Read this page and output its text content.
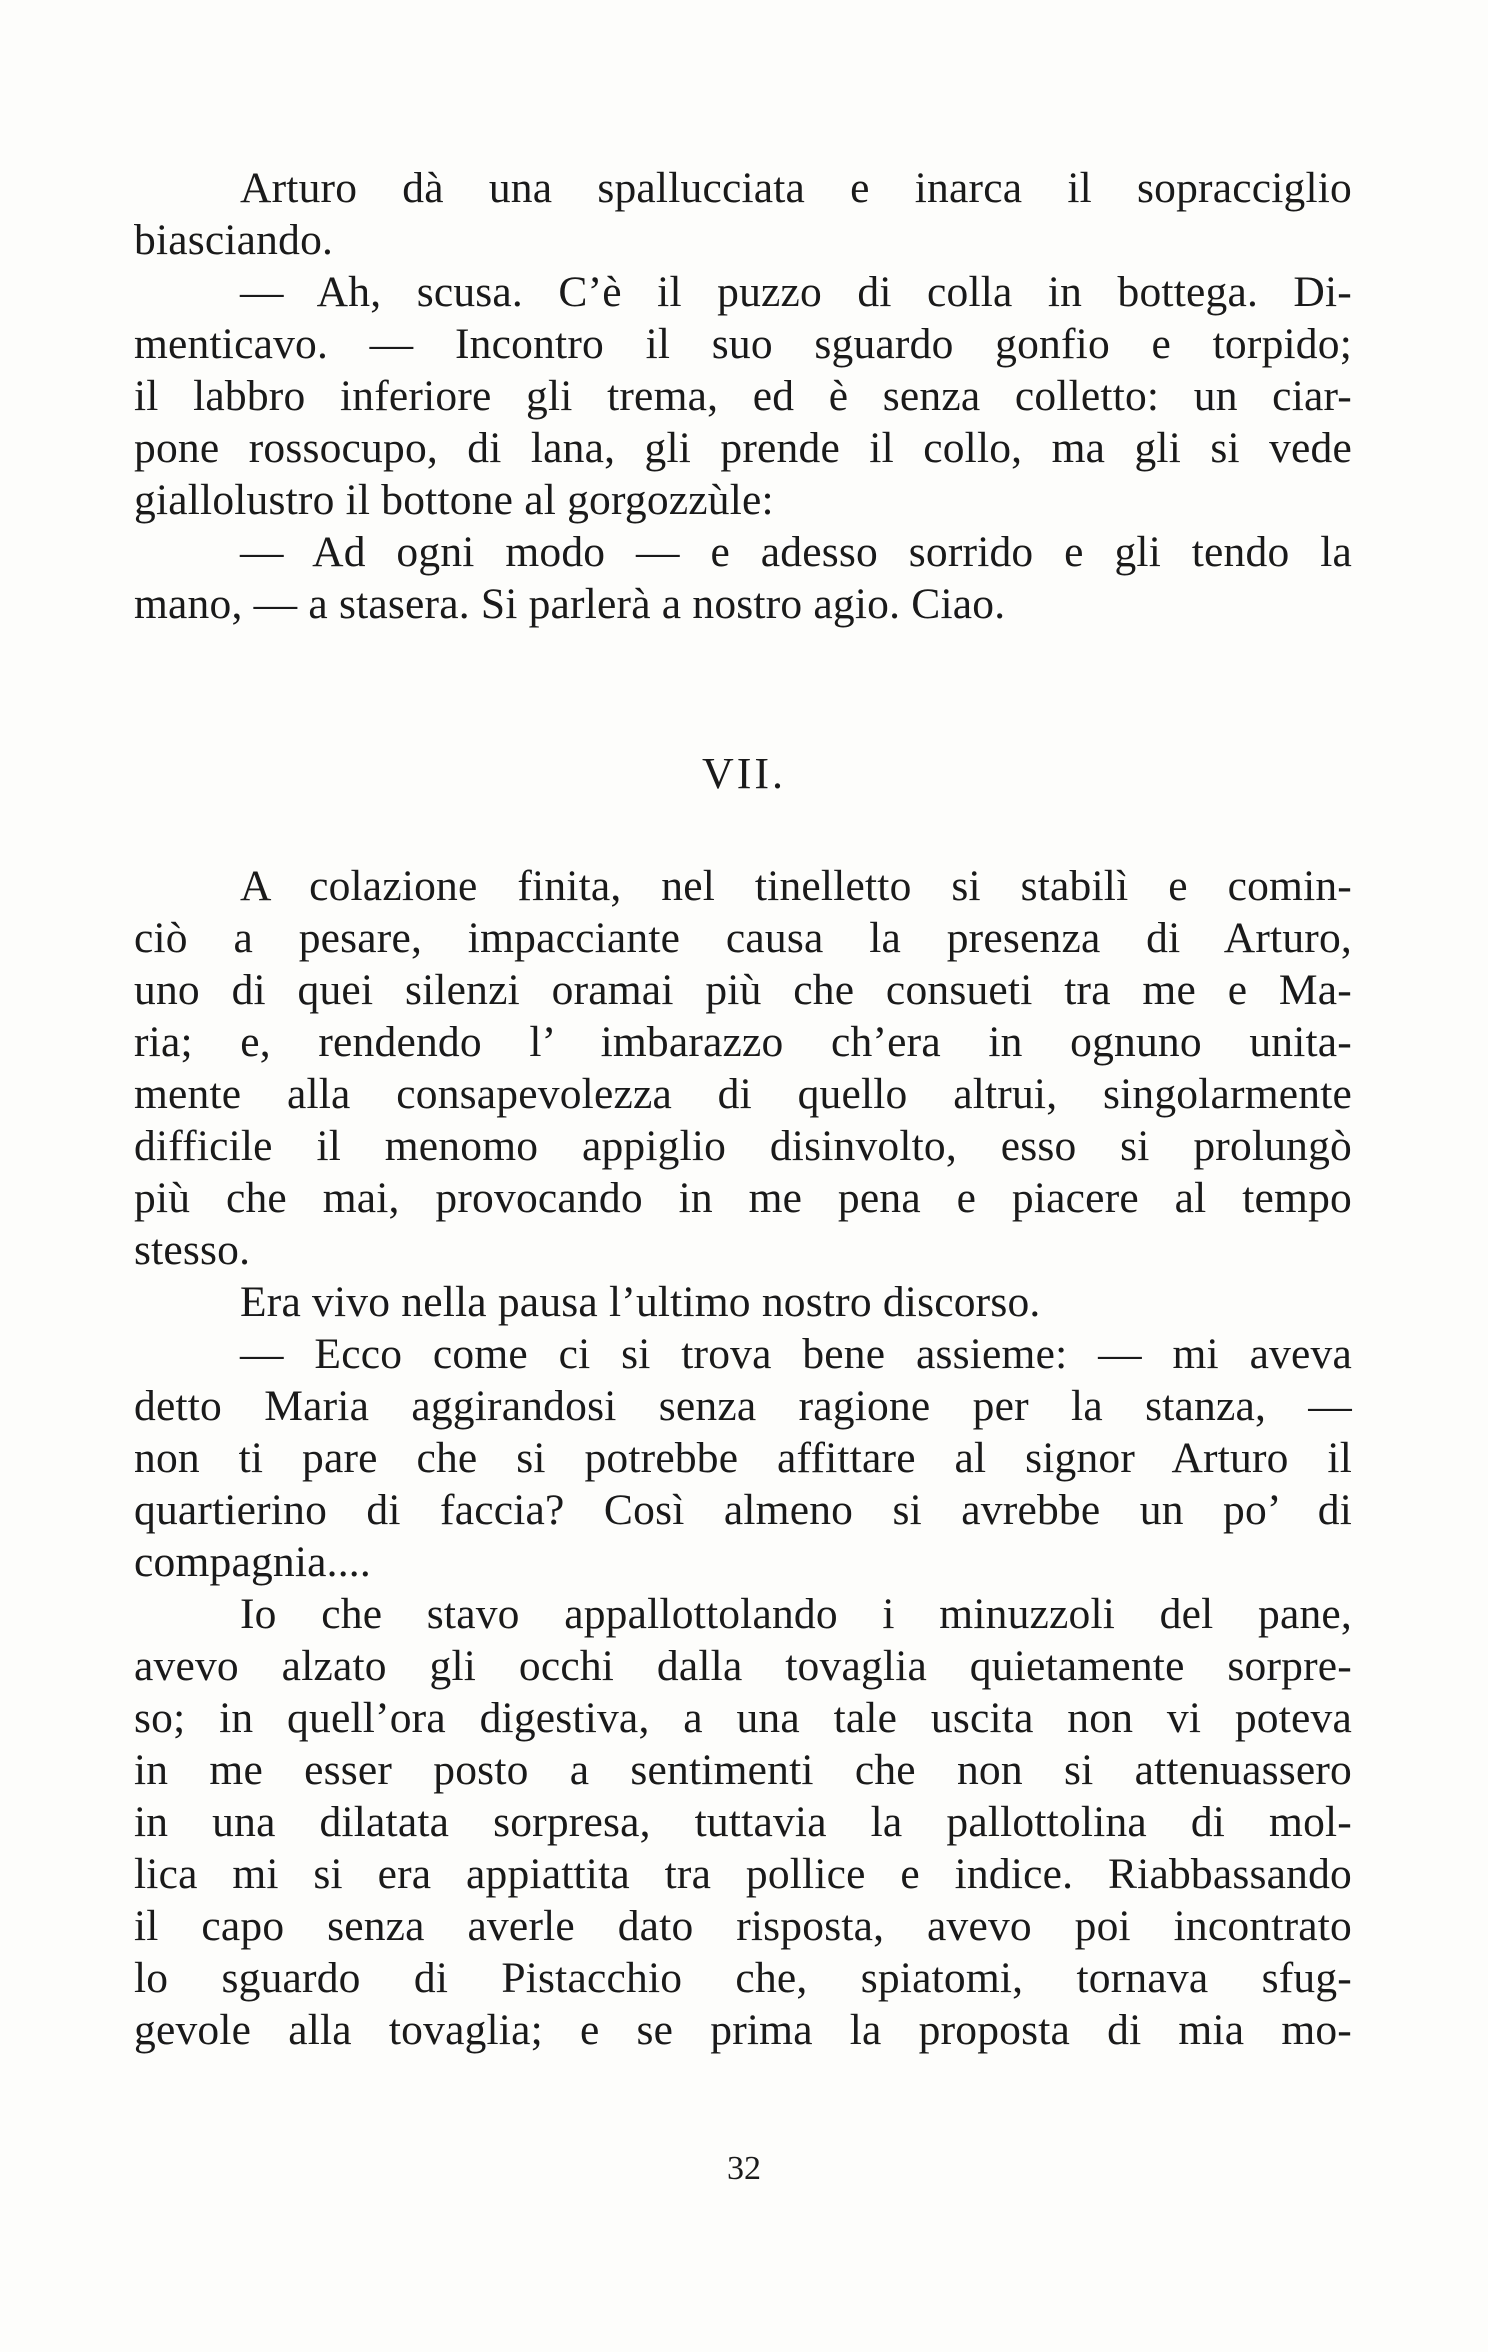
Arturo dà una spallucciata e inarca il sopracciglio
biasciando.
— Ah, scusa. C’è il puzzo di colla in bottega. Di-
menticavo. — Incontro il suo sguardo gonfio e torpido;
il labbro inferiore gli trema, ed è senza colletto: un ciar-
pone rossocupo, di lana, gli prende il collo, ma gli si vede
giallolustro il bottone al gorgozzùle:
— Ad ogni modo — e adesso sorrido e gli tendo la
mano, — a stasera. Si parlerà a nostro agio. Ciao.
VII.
A colazione finita, nel tinelletto si stabilì e comin-
ciò a pesare, impacciante causa la presenza di Arturo,
uno di quei silenzi oramai più che consueti tra me e Ma-
ria; e, rendendo l’ imbarazzo ch’era in ognuno unita-
mente alla consapevolezza di quello altrui, singolarmente
difficile il menomo appiglio disinvolto, esso si prolungò
più che mai, provocando in me pena e piacere al tempo
stesso.
Era vivo nella pausa l’ultimo nostro discorso.
— Ecco come ci si trova bene assieme: — mi aveva
detto Maria aggirandosi senza ragione per la stanza, —
non ti pare che si potrebbe affittare al signor Arturo il
quartierino di faccia? Così almeno si avrebbe un po’ di
compagnia....
Io che stavo appallottolando i minuzzoli del pane,
avevo alzato gli occhi dalla tovaglia quietamente sorpre-
so; in quell’ora digestiva, a una tale uscita non vi poteva
in me esser posto a sentimenti che non si attenuassero
in una dilatata sorpresa, tuttavia la pallottolina di mol-
lica mi si era appiattita tra pollice e indice. Riabbassando
il capo senza averle dato risposta, avevo poi incontrato
lo sguardo di Pistacchio che, spiatomi, tornava sfug-
gevole alla tovaglia; e se prima la proposta di mia mo-
32
